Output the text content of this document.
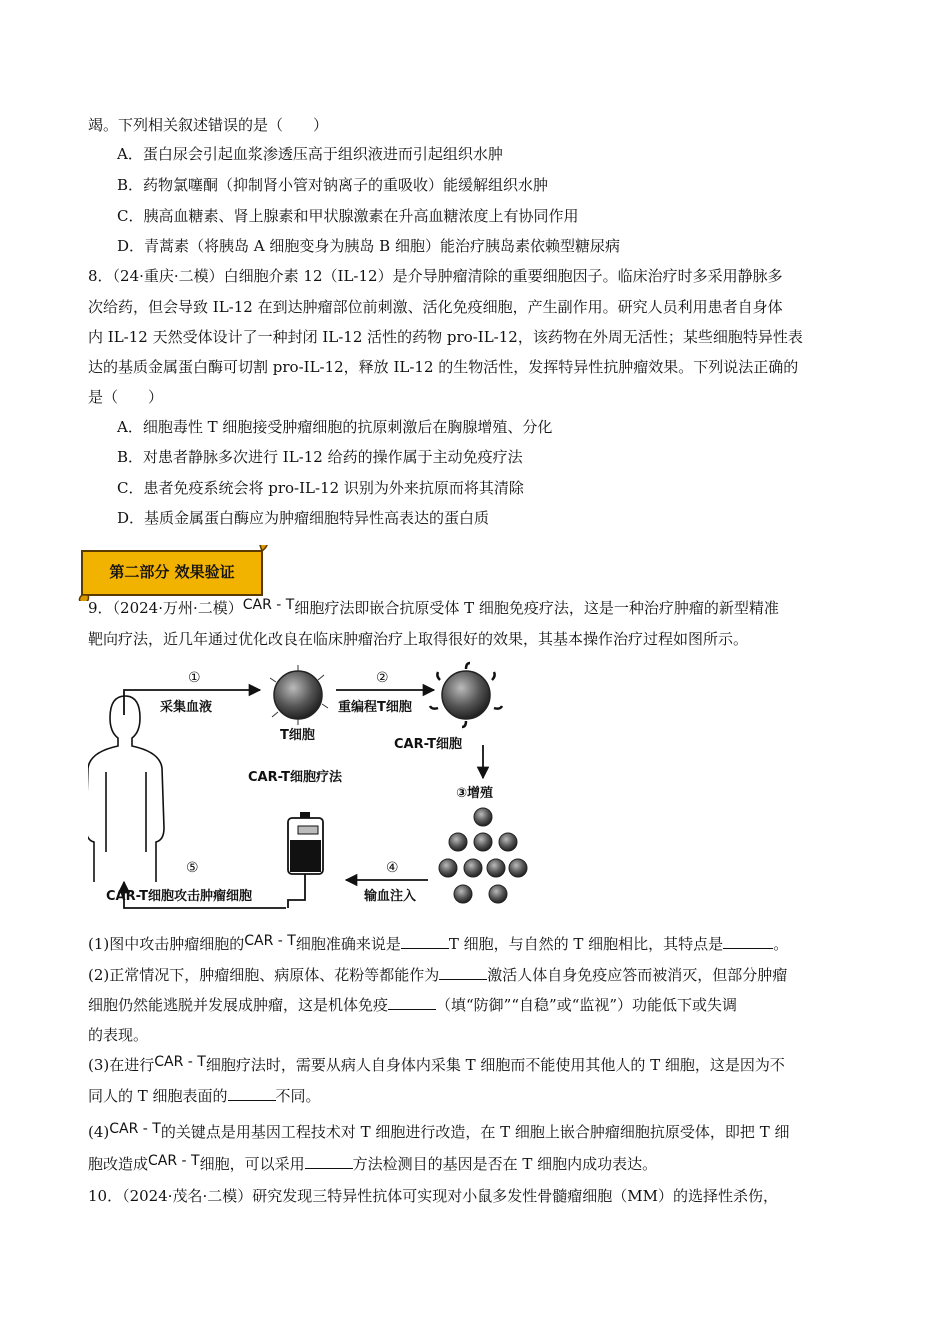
竭。下列相关叙述错误的是（　　）
A．蛋白尿会引起血浆渗透压高于组织液进而引起组织水肿
B．药物氯噻酮（抑制肾小管对钠离子的重吸收）能缓解组织水肿
C．胰高血糖素、肾上腺素和甲状腺激素在升高血糖浓度上有协同作用
D．青蒿素（将胰岛 A 细胞变身为胰岛 B 细胞）能治疗胰岛素依赖型糖尿病
8．（24·重庆·二模）白细胞介素 12（IL-12）是介导肿瘤清除的重要细胞因子。临床治疗时多采用静脉多
次给药，但会导致 IL-12 在到达肿瘤部位前刺激、活化免疫细胞，产生副作用。研究人员利用患者自身体
内 IL-12 天然受体设计了一种封闭 IL-12 活性的药物 pro-IL-12，该药物在外周无活性；某些细胞特异性表
达的基质金属蛋白酶可切割 pro-IL-12，释放 IL-12 的生物活性，发挥特异性抗肿瘤效果。下列说法正确的
是（　　）
A．细胞毒性 T 细胞接受肿瘤细胞的抗原刺激后在胸腺增殖、分化
B．对患者静脉多次进行 IL-12 给药的操作属于主动免疫疗法
C．患者免疫系统会将 pro-IL-12 识别为外来抗原而将其清除
D．基质金属蛋白酶应为肿瘤细胞特异性高表达的蛋白质
第二部分 效果验证
9．（2024·万州·二模）CAR - T细胞疗法即嵌合抗原受体 T 细胞免疫疗法，这是一种治疗肿瘤的新型精准
靶向疗法，近几年通过优化改良在临床肿瘤治疗上取得很好的效果，其基本操作治疗过程如图所示。
①
采集血液
②
重编程T细胞
T细胞
CAR-T细胞
CAR-T细胞疗法
③增殖
④
输血注入
⑤
CAR-T细胞攻击肿瘤细胞
(1)图中攻击肿瘤细胞的CAR - T细胞准确来说是	T 细胞，与自然的 T 细胞相比，其特点是	。
(2)正常情况下，肿瘤细胞、病原体、花粉等都能作为	激活人体自身免疫应答而被消灭，但部分肿瘤
细胞仍然能逃脱并发展成肿瘤，这是机体免疫	（填“防御”“自稳”或“监视”）功能低下或失调
的表现。
(3)在进行CAR - T细胞疗法时，需要从病人自身体内采集 T 细胞而不能使用其他人的 T 细胞，这是因为不
同人的 T 细胞表面的	不同。
(4)CAR - T的关键点是用基因工程技术对 T 细胞进行改造，在 T 细胞上嵌合肿瘤细胞抗原受体，即把 T 细
胞改造成CAR - T细胞，可以采用	方法检测目的基因是否在 T 细胞内成功表达。
10．（2024·茂名·二模）研究发现三特异性抗体可实现对小鼠多发性骨髓瘤细胞（MM）的选择性杀伤，
